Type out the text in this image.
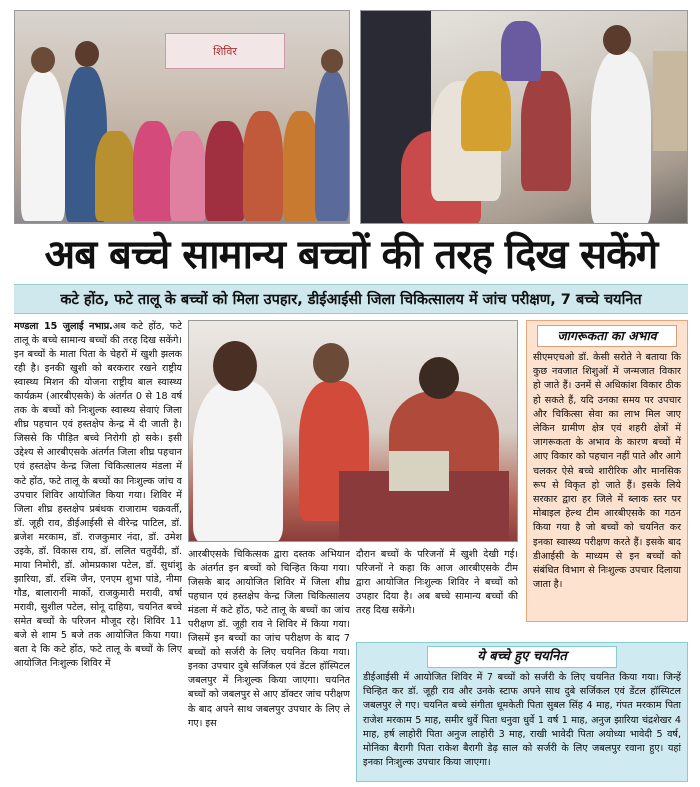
शिविर
अब बच्चे सामान्य बच्चों की तरह दिख सकेंगे
कटे होंठ, फटे तालू के बच्चों को मिला उपहार, डीईआईसी जिला चिकित्सालय में जांच परीक्षण, 7 बच्चे चयनित
मण्डला 15 जुलाई नभाप्र.अब कटे होंठ, फटे तालू के बच्चे सामान्य बच्चों की तरह दिख सकेंगे। इन बच्चों के माता पिता के चेहरों में खुशी झलक रही है। इनकी खुशी को बरकरार रखने राष्ट्रीय स्वास्थ्य मिशन की योजना राष्ट्रीय बाल स्वास्थ्य कार्यक्रम (आरबीएसके) के अंतर्गत 0 से 18 वर्ष तक के बच्चों को निःशुल्क स्वास्थ्य सेवाएं जिला शीघ्र पहचान एवं हस्तक्षेप केन्द्र में दी जाती है। जिससे कि पीड़ित बच्चे निरोगी हो सके। इसी उद्देश्य से आरबीएसके अंतर्गत जिला शीघ्र पहचान एवं हस्तक्षेप केन्द्र जिला चिकित्सालय मंडला में कटे होंठ, फटे तालू के बच्चों का निःशुल्क जांच व उपचार शिविर आयोजित किया गया। शिविर में जिला शीघ्र हस्तक्षेप प्रबंधक राजाराम चक्रवर्ती, डॉ. जूही राव, डीईआईसी से वीरेन्द्र पाटिल, डॉ. ब्रजेश मरकाम, डॉ. राजकुमार नंदा, डॉ. उमेश उइके, डॉ. विकास राय, डॉ. ललित चतुर्वेदी, डॉ. माया निमोरी, डॉ. ओमप्रकाश पटेल, डॉ. सुधांशु झारिया, डॉ. रश्मि जैन, एनएम शुभा पांडे, नीमा गौड, बालारानी मार्को, राजकुमारी मरावी, वर्षा मरावी, सुशील पटेल, सोनू दाहिया, चयनित बच्चे समेत बच्चों के परिजन मौजूद रहे। शिविर 11 बजे से शाम 5 बजे तक आयोजित किया गया। बता दे कि कटे होंठ, फटे तालू के बच्चों के लिए आयोजित निःशुल्क शिविर में
आरबीएसके चिकित्सक द्वारा दस्तक अभियान के अंतर्गत इन बच्चों को चिन्हित किया गया। जिसके बाद आयोजित शिविर में जिला शीघ्र पहचान एवं हस्तक्षेप केन्द्र जिला चिकित्सालय मंडला में कटे होंठ, फटे तालू के बच्चों का जांच परीक्षण डॉ. जूही राव ने शिविर में किया गया। जिसमें इन बच्चों का जांच परीक्षण के बाद 7 बच्चों को सर्जरी के लिए चयनित किया गया। इनका उपचार दुबे सर्जिकल एवं डेंटल हॉस्पिटल जबलपुर में निःशुल्क किया जाएगा। चयनित बच्चों को जबलपुर से आए डॉक्टर जांच परीक्षण के बाद अपने साथ जबलपुर उपचार के लिए ले गए। इस
दौरान बच्चों के परिजनों में खुशी देखी गई। परिजनों ने कहा कि आज आरबीएसके टीम द्वारा आयोजित निःशुल्क शिविर ने बच्चों को उपहार दिया है। अब बच्चे सामान्य बच्चों की तरह दिख सकेंगे।
जागरूकता का अभाव
सीएमएचओ डॉ. केसी सरोते ने बताया कि कुछ नवजात शिशुओं में जन्मजात विकार हो जाते हैं। उनमें से अधिकांश विकार ठीक हो सकते हैं, यदि उनका समय पर उपचार और चिकित्सा सेवा का लाभ मिल जाए लेकिन ग्रामीण क्षेत्र एवं शहरी क्षेत्रों में जागरूकता के अभाव के कारण बच्चों में आए विकार को पहचान नहीं पाते और आगे चलकर ऐसे बच्चे शारीरिक और मानसिक रूप से विकृत हो जाते हैं। इसके लिये सरकार द्वारा हर जिले में ब्लाक स्तर पर मोबाइल हेल्थ टीम आरबीएसके का गठन किया गया है जो बच्चों को चयनित कर इनका स्वास्थ्य परीक्षण करते हैं। इसके बाद डीआईसी के माध्यम से इन बच्चों को संबंधित विभाग से निःशुल्क उपचार दिलाया जाता है।
ये बच्चे हुए चयनित
डीईआईसी में आयोजित शिविर में 7 बच्चों को सर्जरी के लिए चयनित किया गया। जिन्हें चिन्हित कर डॉ. जूही राव और उनके स्टाफ अपने साथ दुबे सर्जिकल एवं डेंटल हॉस्पिटल जबलपुर ले गए। चयनित बच्चे संगीता धूमकेती पिता सुबल सिंह 4 माह, गंपत मरकाम पिता राजेश मरकाम 5 माह, समीर धुर्वे पिता धनुवा धुर्वे 1 वर्ष 1 माह, अनुज झारिया चंद्रशेखर 4 माह, हर्ष लाहोरी पिता अनुज लाहोरी 3 माह, राखी भावेदी पिता अयोध्या भावेदी 5 वर्ष, मोनिका बैरागी पिता राकेश बैरागी डेढ़ साल को सर्जरी के लिए जबलपुर रवाना हुए। यहां इनका निःशुल्क उपचार किया जाएगा।
